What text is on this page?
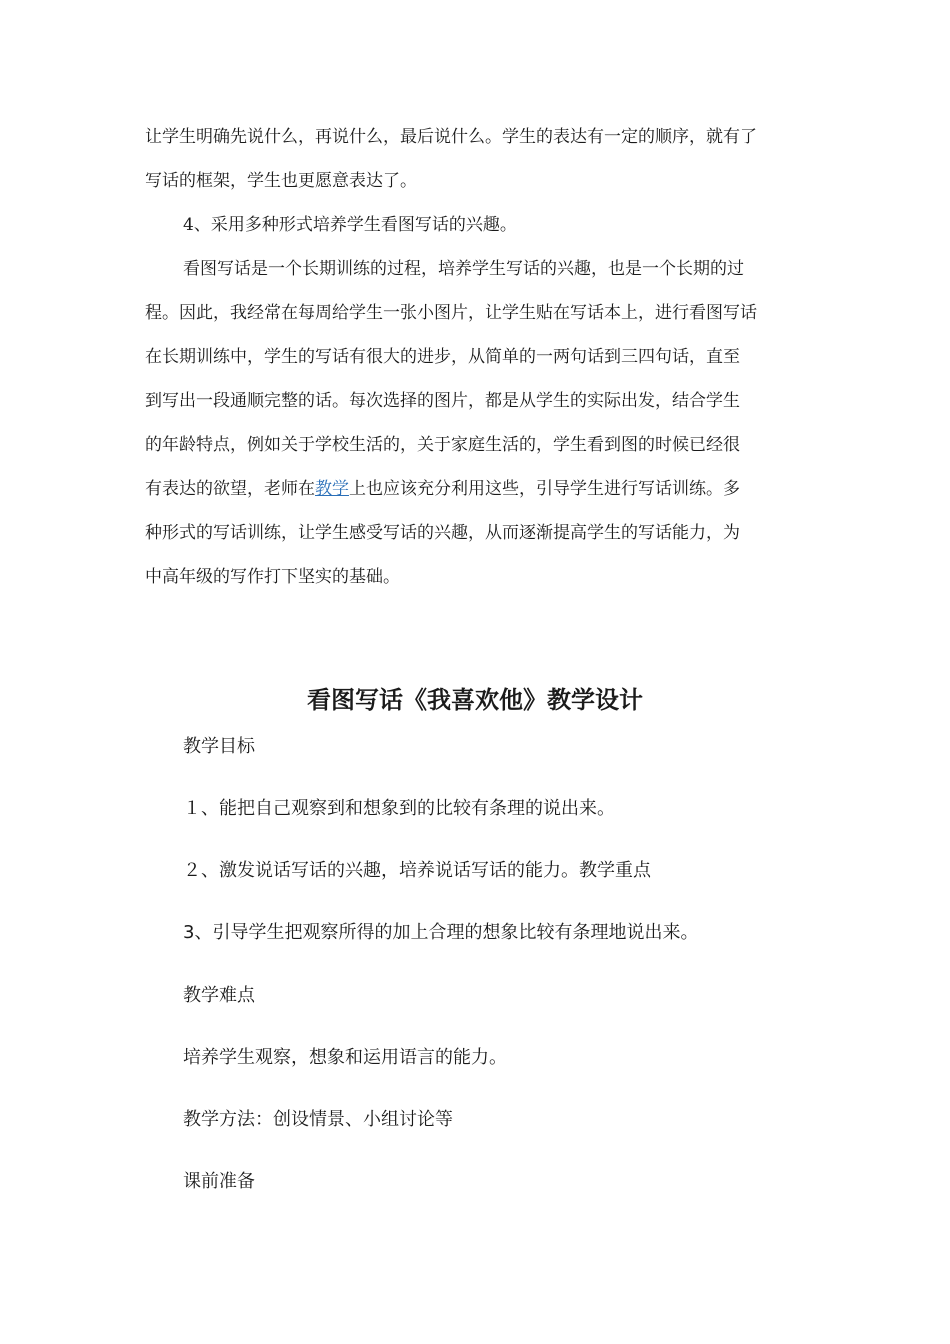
让学生明确先说什么，再说什么，最后说什么。学生的表达有一定的顺序，就有了
写话的框架，学生也更愿意表达了。
4、采用多种形式培养学生看图写话的兴趣。
看图写话是一个长期训练的过程，培养学生写话的兴趣，也是一个长期的过
程。因此，我经常在每周给学生一张小图片，让学生贴在写话本上，进行看图写话
在长期训练中，学生的写话有很大的进步，从简单的一两句话到三四句话，直至
到写出一段通顺完整的话。每次选择的图片，都是从学生的实际出发，结合学生
的年龄特点，例如关于学校生活的，关于家庭生活的，学生看到图的时候已经很
有表达的欲望，老师在教学上也应该充分利用这些，引导学生进行写话训练。多
种形式的写话训练，让学生感受写话的兴趣，从而逐渐提高学生的写话能力，为
中高年级的写作打下坚实的基础。
看图写话《我喜欢他》教学设计
教学目标
１、能把自己观察到和想象到的比较有条理的说出来。
２、激发说话写话的兴趣，培养说话写话的能力。教学重点
3、引导学生把观察所得的加上合理的想象比较有条理地说出来。
教学难点
培养学生观察，想象和运用语言的能力。
教学方法：创设情景、小组讨论等
课前准备
